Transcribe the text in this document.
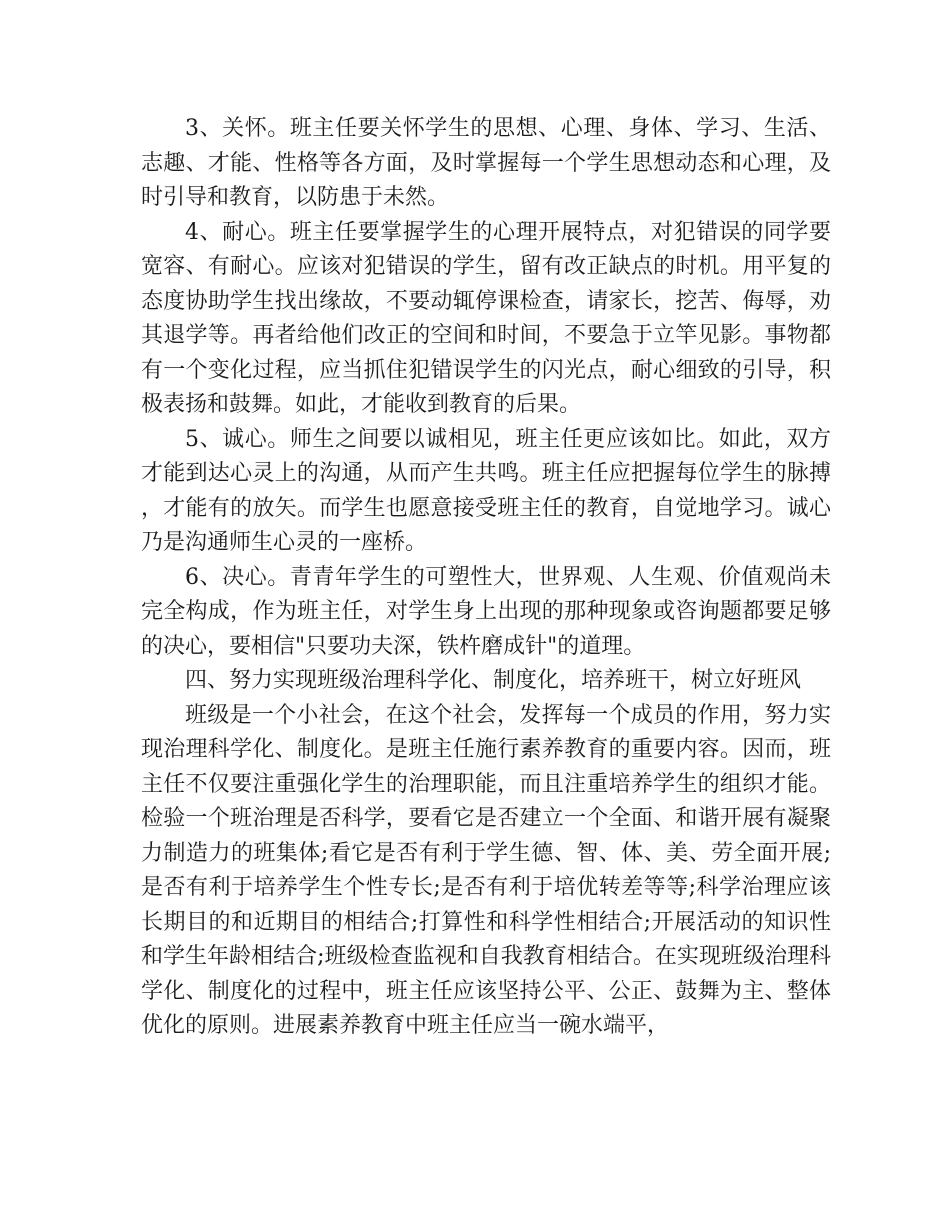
3、关怀。班主任要关怀学生的思想、心理、身体、学习、生活、志趣、才能、性格等各方面，及时掌握每一个学生思想动态和心理，及时引导和教育，以防患于未然。

4、耐心。班主任要掌握学生的心理开展特点，对犯错误的同学要宽容、有耐心。应该对犯错误的学生，留有改正缺点的时机。用平复的态度协助学生找出缘故，不要动辄停课检查，请家长，挖苦、侮辱，劝其退学等。再者给他们改正的空间和时间，不要急于立竿见影。事物都有一个变化过程，应当抓住犯错误学生的闪光点，耐心细致的引导，积极表扬和鼓舞。如此，才能收到教育的后果。

5、诚心。师生之间要以诚相见，班主任更应该如比。如此，双方才能到达心灵上的沟通，从而产生共鸣。班主任应把握每位学生的脉搏，才能有的放矢。而学生也愿意接受班主任的教育，自觉地学习。诚心乃是沟通师生心灵的一座桥。

6、决心。青青年学生的可塑性大，世界观、人生观、价值观尚未完全构成，作为班主任，对学生身上出现的那种现象或咨询题都要足够的决心，要相信"只要功夫深，铁杵磨成针"的道理。

四、努力实现班级治理科学化、制度化，培养班干，树立好班风

班级是一个小社会，在这个社会，发挥每一个成员的作用，努力实现治理科学化、制度化。是班主任施行素养教育的重要内容。因而，班主任不仅要注重强化学生的治理职能，而且注重培养学生的组织才能。检验一个班治理是否科学，要看它是否建立一个全面、和谐开展有凝聚力制造力的班集体;看它是否有利于学生德、智、体、美、劳全面开展;是否有利于培养学生个性专长;是否有利于培优转差等等;科学治理应该长期目的和近期目的相结合;打算性和科学性相结合;开展活动的知识性和学生年龄相结合;班级检查监视和自我教育相结合。在实现班级治理科学化、制度化的过程中，班主任应该坚持公平、公正、鼓舞为主、整体优化的原则。进展素养教育中班主任应当一碗水端平，
